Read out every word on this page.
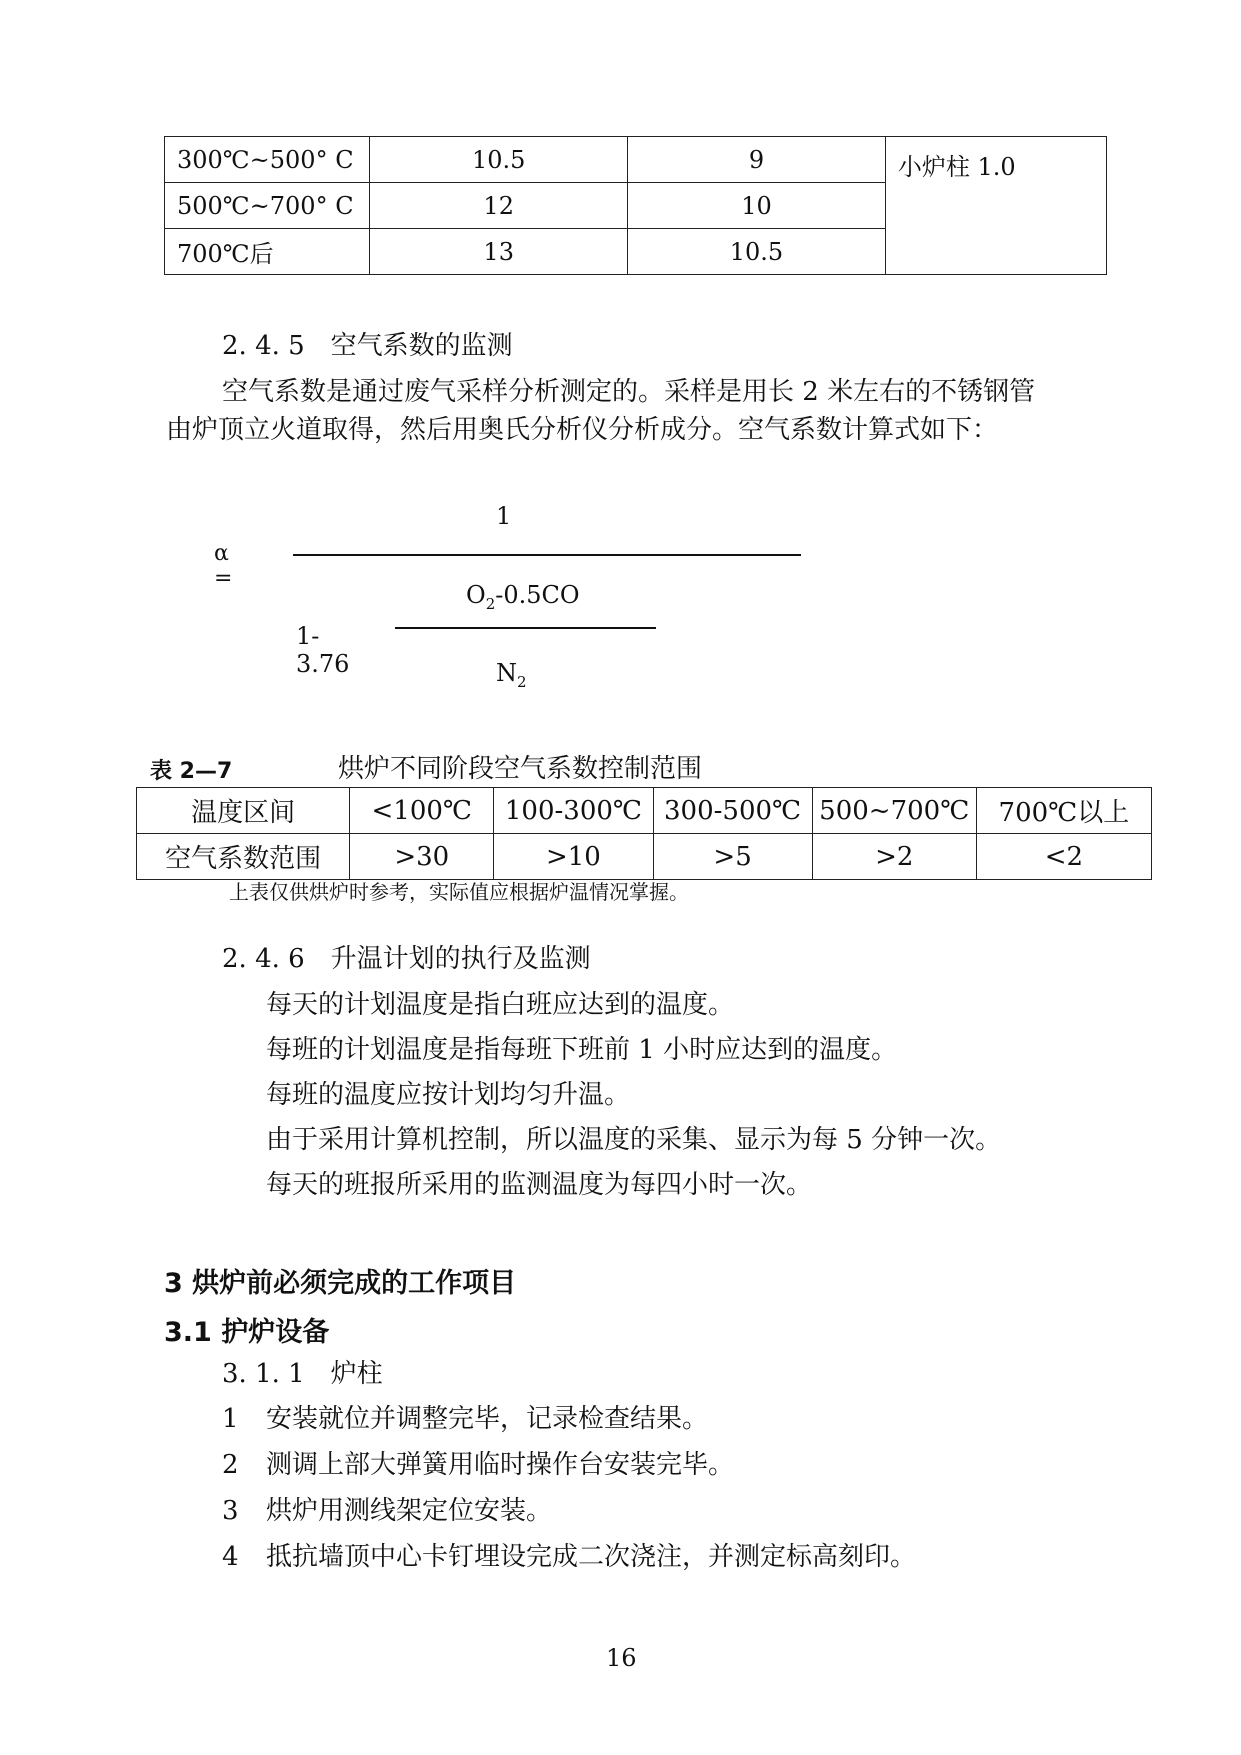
300℃~500° C	10.5	9	小炉柱 1.0
500℃~700° C	12	10	
700℃后	13	10.5	
2. 4. 5　空气系数的监测
空气系数是通过废气采样分析测定的。采样是用长 2 米左右的不锈钢管
由炉顶立火道取得，然后用奥氏分析仪分析成分。空气系数计算式如下：
α =
1
$O_2-0.5CO$
1-3.76	$N_2$
表 2—7	烘炉不同阶段空气系数控制范围
温度区间	<100℃	100-300℃	300-500℃	500~700℃	700℃以上
空气系数范围	>30	>10	>5	>2	<2
上表仅供烘炉时参考，实际值应根据炉温情况掌握。
2. 4. 6　升温计划的执行及监测
每天的计划温度是指白班应达到的温度。
每班的计划温度是指每班下班前 1 小时应达到的温度。
每班的温度应按计划均匀升温。
由于采用计算机控制，所以温度的采集、显示为每 5 分钟一次。
每天的班报所采用的监测温度为每四小时一次。
3 烘炉前必须完成的工作项目
3.1 护炉设备
3. 1. 1　炉柱
1 安装就位并调整完毕，记录检查结果。
2 测调上部大弹簧用临时操作台安装完毕。
3 烘炉用测线架定位安装。
4 抵抗墙顶中心卡钉埋设完成二次浇注，并测定标高刻印。
16
